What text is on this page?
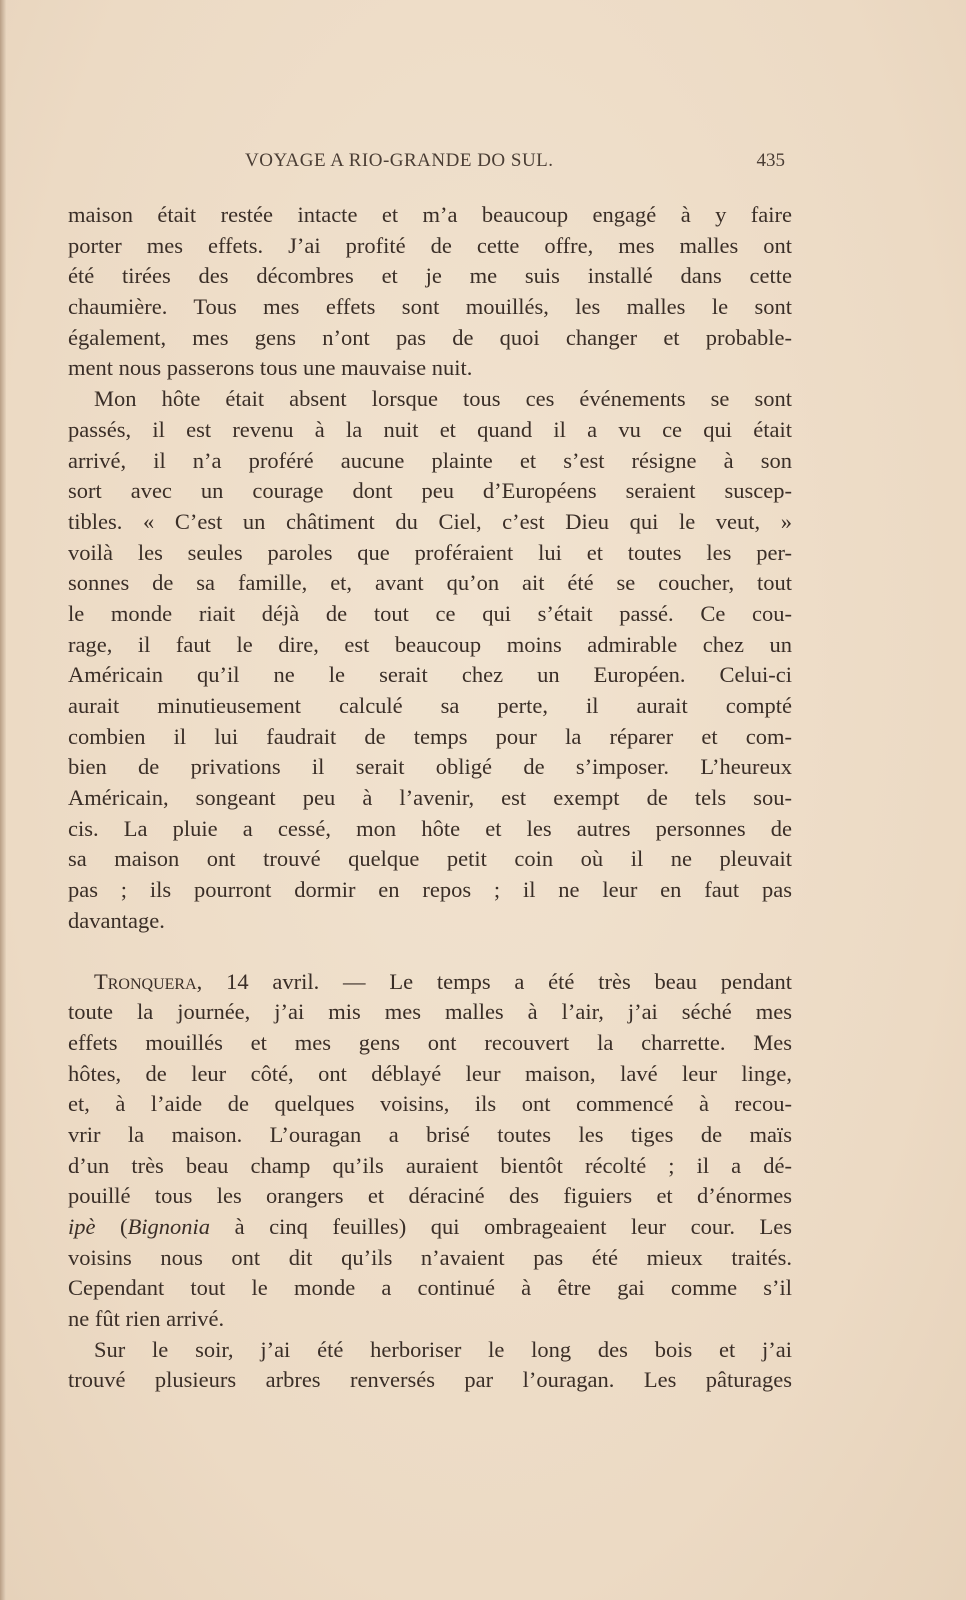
VOYAGE A RIO-GRANDE DO SUL.	435
maison était restée intacte et m’a beaucoup engagé à y faire
porter mes effets. J’ai profité de cette offre, mes malles ont
été tirées des décombres et je me suis installé dans cette
chaumière. Tous mes effets sont mouillés, les malles le sont
également, mes gens n’ont pas de quoi changer et probable-
ment nous passerons tous une mauvaise nuit.
Mon hôte était absent lorsque tous ces événements se sont
passés, il est revenu à la nuit et quand il a vu ce qui était
arrivé, il n’a proféré aucune plainte et s’est résigne à son
sort avec un courage dont peu d’Européens seraient suscep-
tibles. « C’est un châtiment du Ciel, c’est Dieu qui le veut, »
voilà les seules paroles que proféraient lui et toutes les per-
sonnes de sa famille, et, avant qu’on ait été se coucher, tout
le monde riait déjà de tout ce qui s’était passé. Ce cou-
rage, il faut le dire, est beaucoup moins admirable chez un
Américain qu’il ne le serait chez un Européen. Celui-ci
aurait minutieusement calculé sa perte, il aurait compté
combien il lui faudrait de temps pour la réparer et com-
bien de privations il serait obligé de s’imposer. L’heureux
Américain, songeant peu à l’avenir, est exempt de tels sou-
cis. La pluie a cessé, mon hôte et les autres personnes de
sa maison ont trouvé quelque petit coin où il ne pleuvait
pas ; ils pourront dormir en repos ; il ne leur en faut pas
davantage.
Tronquera, 14 avril. — Le temps a été très beau pendant
toute la journée, j’ai mis mes malles à l’air, j’ai séché mes
effets mouillés et mes gens ont recouvert la charrette. Mes
hôtes, de leur côté, ont déblayé leur maison, lavé leur linge,
et, à l’aide de quelques voisins, ils ont commencé à recou-
vrir la maison. L’ouragan a brisé toutes les tiges de maïs
d’un très beau champ qu’ils auraient bientôt récolté ; il a dé-
pouillé tous les orangers et déraciné des figuiers et d’énormes
ipè (Bignonia à cinq feuilles) qui ombrageaient leur cour. Les
voisins nous ont dit qu’ils n’avaient pas été mieux traités.
Cependant tout le monde a continué à être gai comme s’il
ne fût rien arrivé.
Sur le soir, j’ai été herboriser le long des bois et j’ai
trouvé plusieurs arbres renversés par l’ouragan. Les pâturages
